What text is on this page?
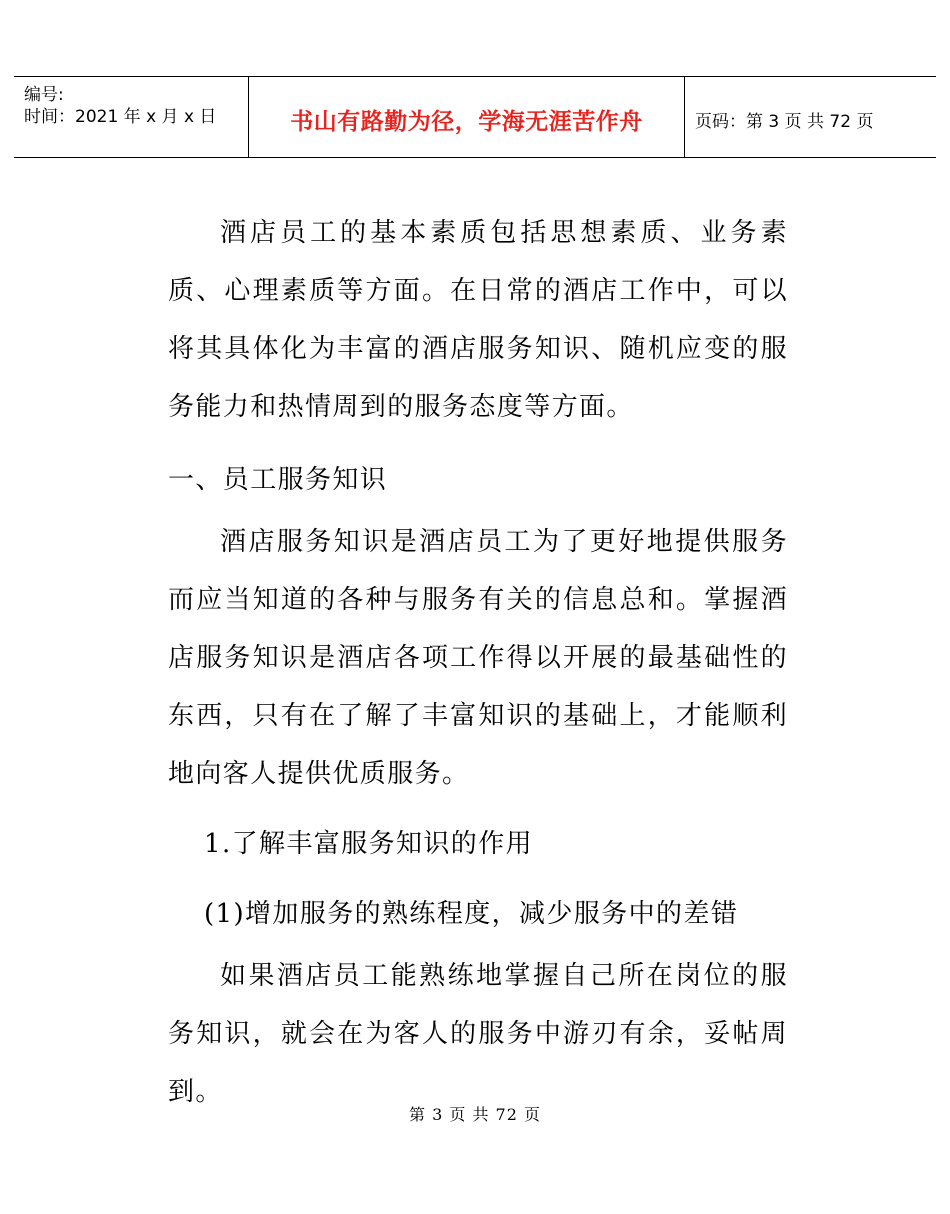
编号:
时间：2021 年 x 月 x 日	书山有路勤为径，学海无涯苦作舟	页码：第 3 页 共 72 页

酒店员工的基本素质包括思想素质、业务素质、心理素质等方面。在日常的酒店工作中，可以将其具体化为丰富的酒店服务知识、随机应变的服务能力和热情周到的服务态度等方面。

一、员工服务知识

酒店服务知识是酒店员工为了更好地提供服务而应当知道的各种与服务有关的信息总和。掌握酒店服务知识是酒店各项工作得以开展的最基础性的东西，只有在了解了丰富知识的基础上，才能顺利地向客人提供优质服务。

1.了解丰富服务知识的作用

(1)增加服务的熟练程度，减少服务中的差错

如果酒店员工能熟练地掌握自己所在岗位的服务知识，就会在为客人的服务中游刃有余，妥帖周到。

第 3 页 共 72 页
